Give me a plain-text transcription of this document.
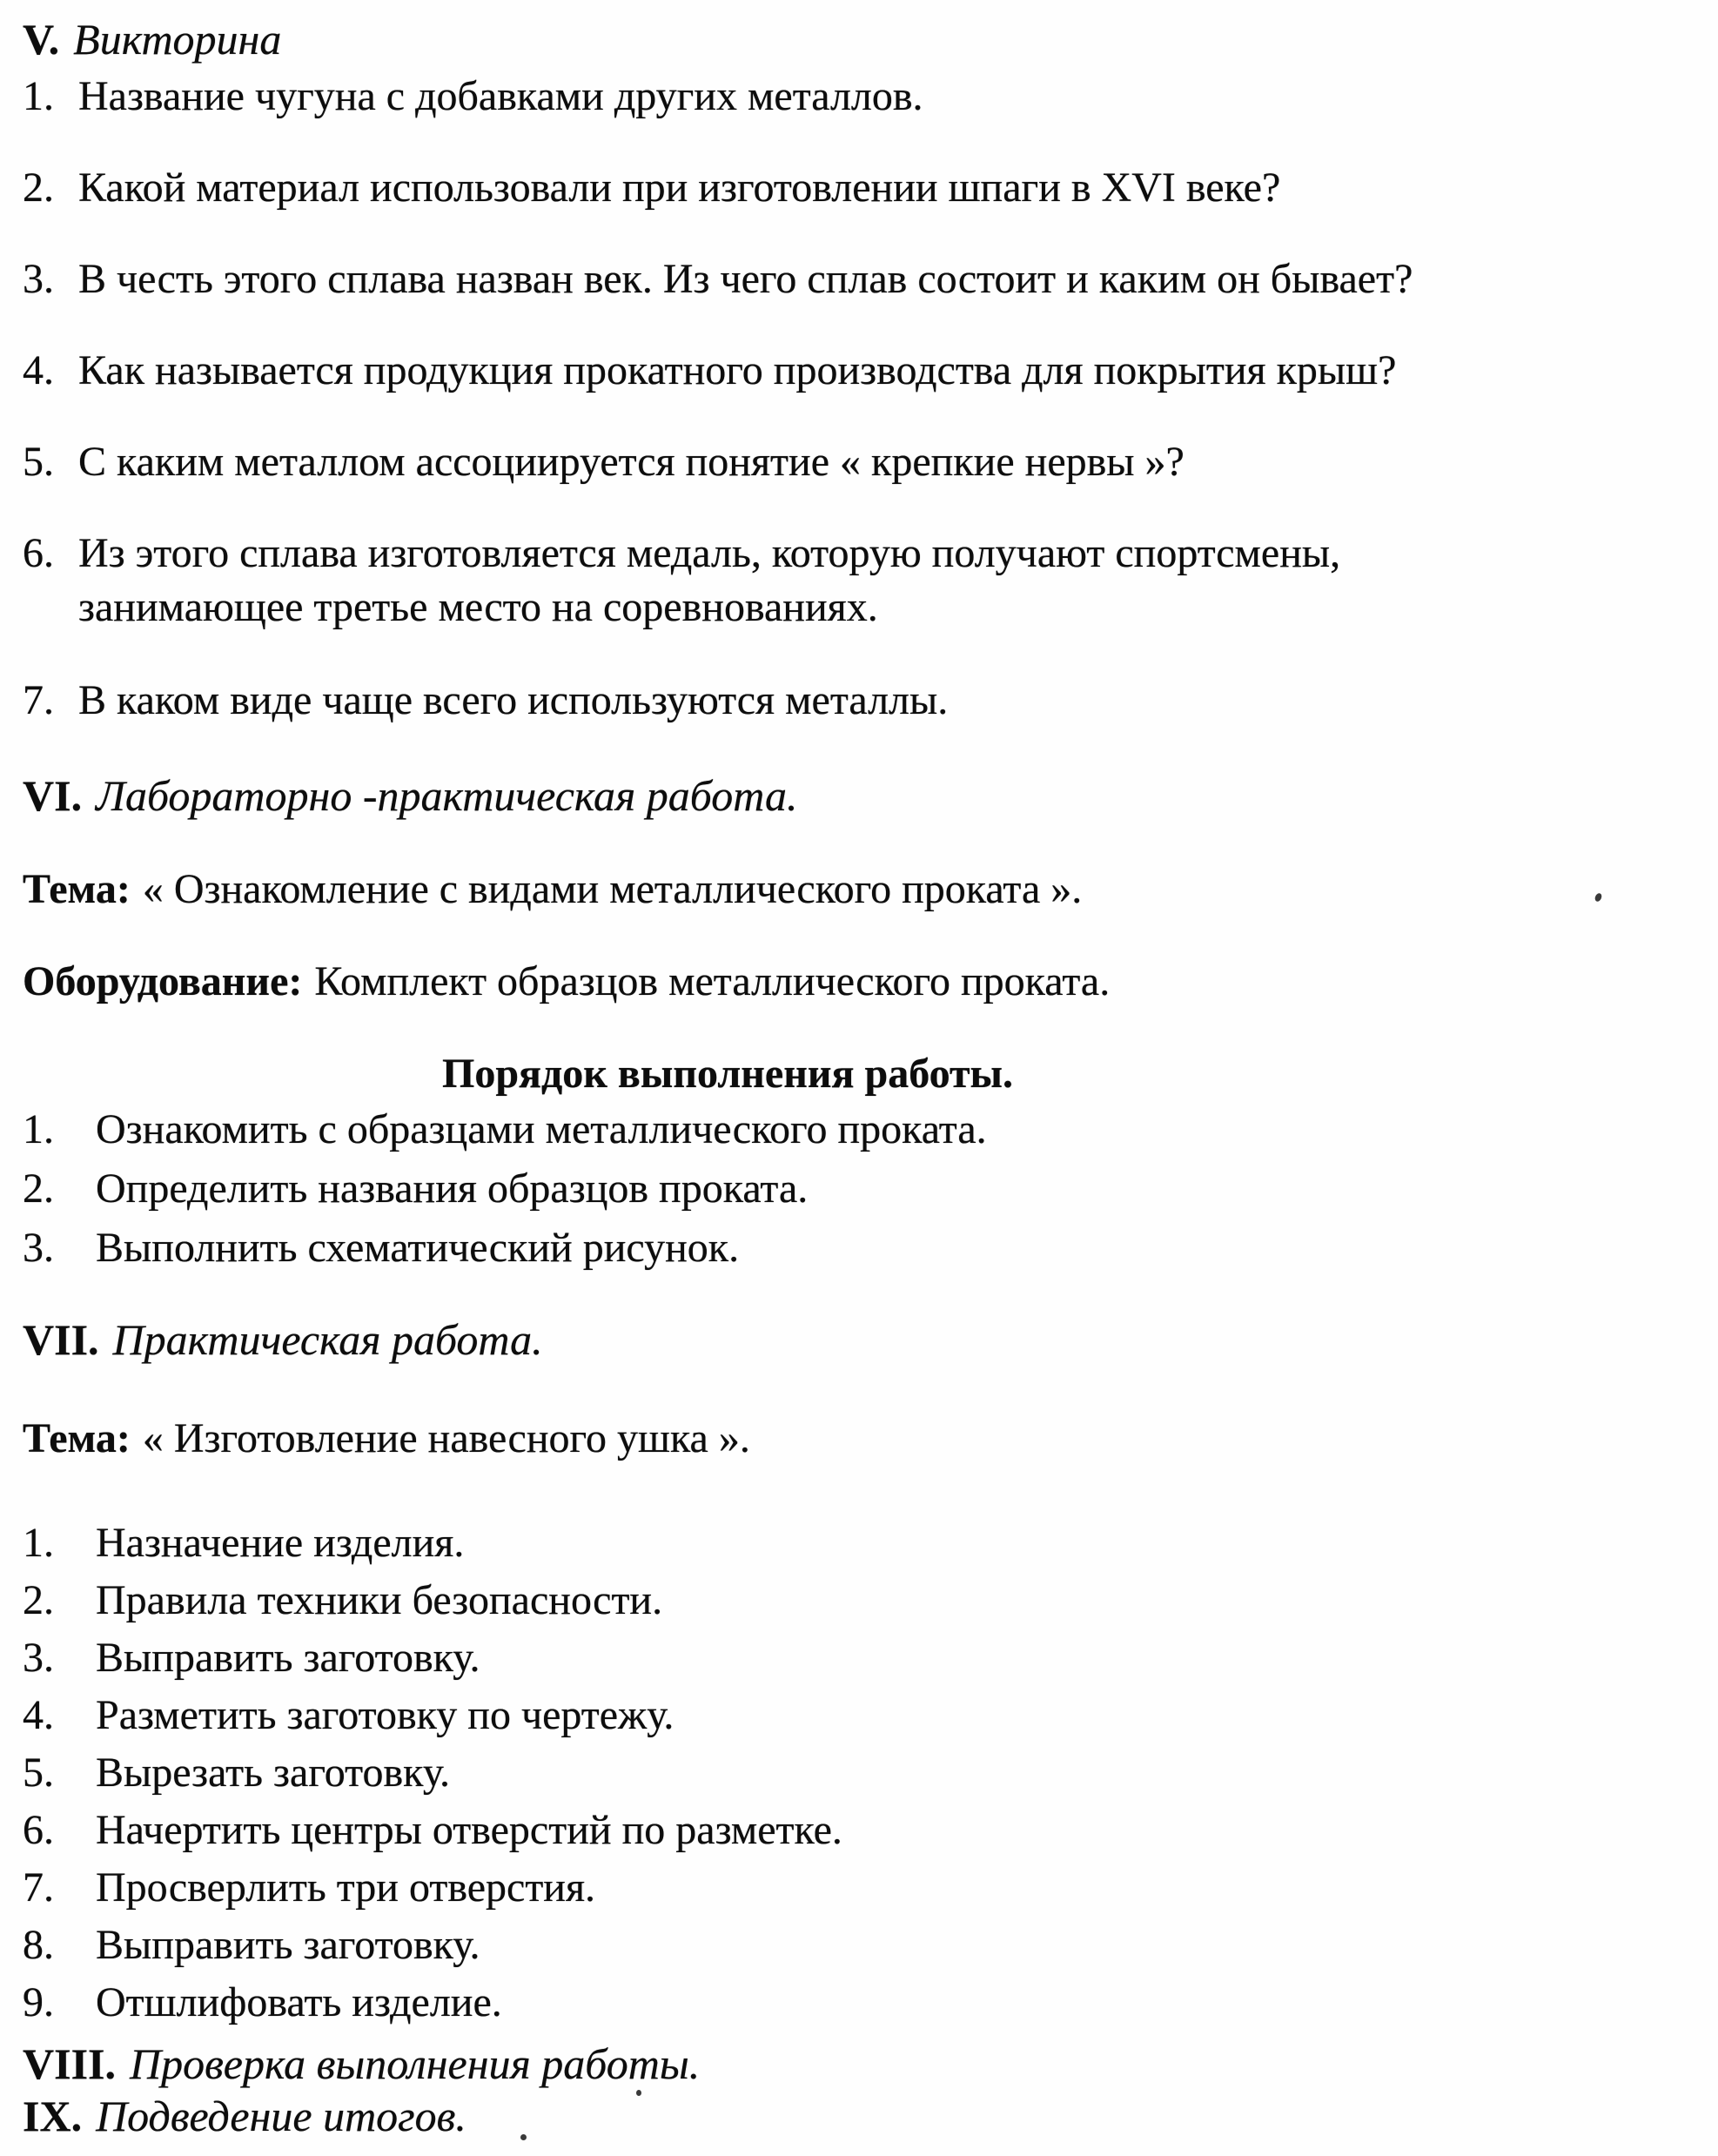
V. Викторина
1. Название чугуна с добавками других металлов.
2. Какой материал использовали при изготовлении шпаги в XVI веке?
3. В честь этого сплава назван век. Из чего сплав состоит и каким он бывает?
4. Как называется продукция прокатного производства для покрытия крыш?
5. С каким металлом ассоциируется понятие « крепкие нервы »?
6. Из этого сплава изготовляется медаль, которую получают спортсмены,
занимающее третье место на соревнованиях.
7. В каком виде чаще всего используются металлы.
VI. Лабораторно -практическая работа.
Тема: « Ознакомление с видами металлического проката ».
Оборудование: Комплект образцов металлического проката.
Порядок выполнения работы.
1.	Ознакомить с образцами металлического проката.
2.	Определить названия образцов проката.
3.	Выполнить схематический рисунок.
VII. Практическая работа.
Тема: « Изготовление навесного ушка ».
1.	Назначение изделия.
2.	Правила техники безопасности.
3.	Выправить заготовку.
4.	Разметить заготовку по чертежу.
5.	Вырезать заготовку.
6.	Начертить центры отверстий по разметке.
7.	Просверлить три отверстия.
8.	Выправить заготовку.
9.	Отшлифовать изделие.
VIII. Проверка выполнения работы.
IX. Подведение итогов.
